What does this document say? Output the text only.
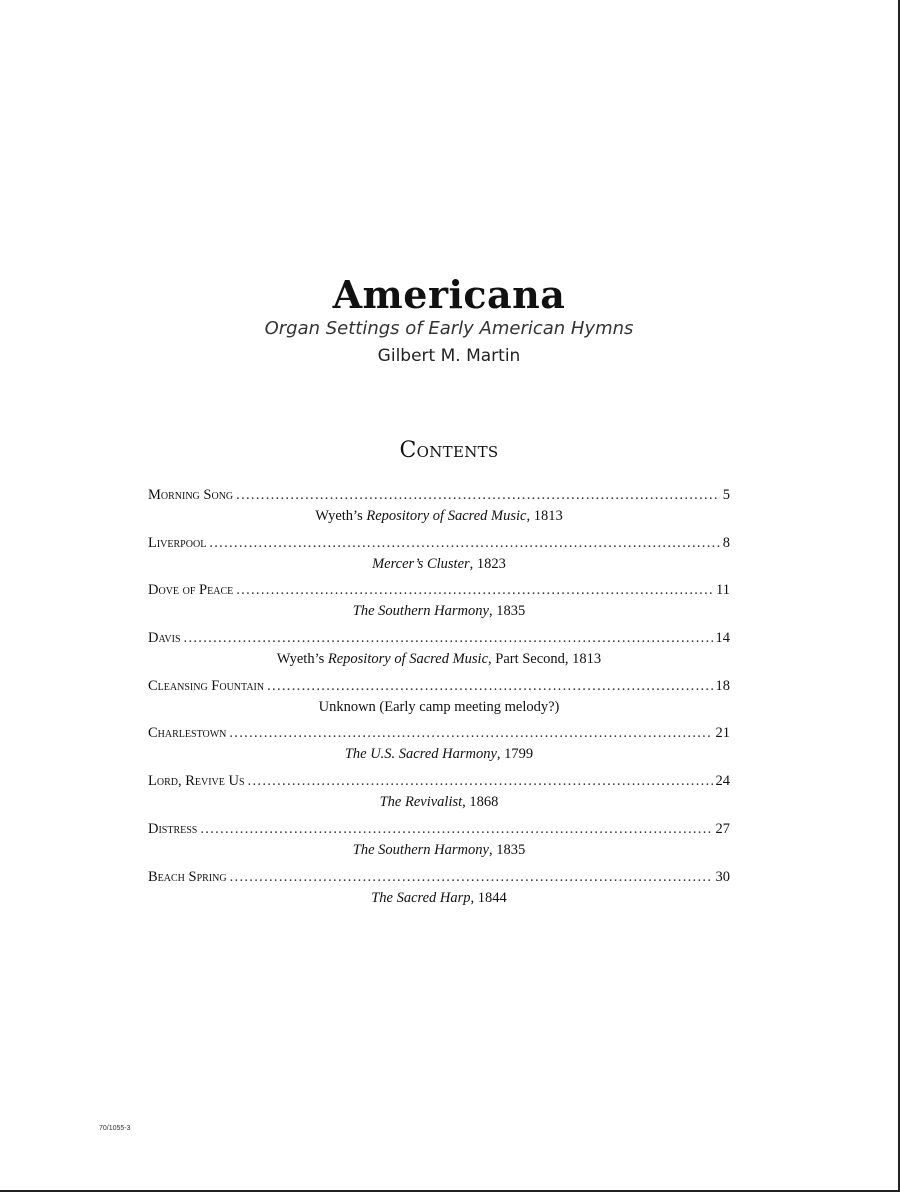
Americana
Organ Settings of Early American Hymns
Gilbert M. Martin
Contents
Morning Song .....	5
Wyeth’s Repository of Sacred Music, 1813
Liverpool .....	8
Mercer’s Cluster, 1823
Dove of Peace .....	11
The Southern Harmony, 1835
Davis .....	14
Wyeth’s Repository of Sacred Music, Part Second, 1813
Cleansing Fountain .....	18
Unknown (Early camp meeting melody?)
Charlestown .....	21
The U.S. Sacred Harmony, 1799
Lord, Revive Us .....	24
The Revivalist, 1868
Distress .....	27
The Southern Harmony, 1835
Beach Spring .....	30
The Sacred Harp, 1844
70/1055-3
